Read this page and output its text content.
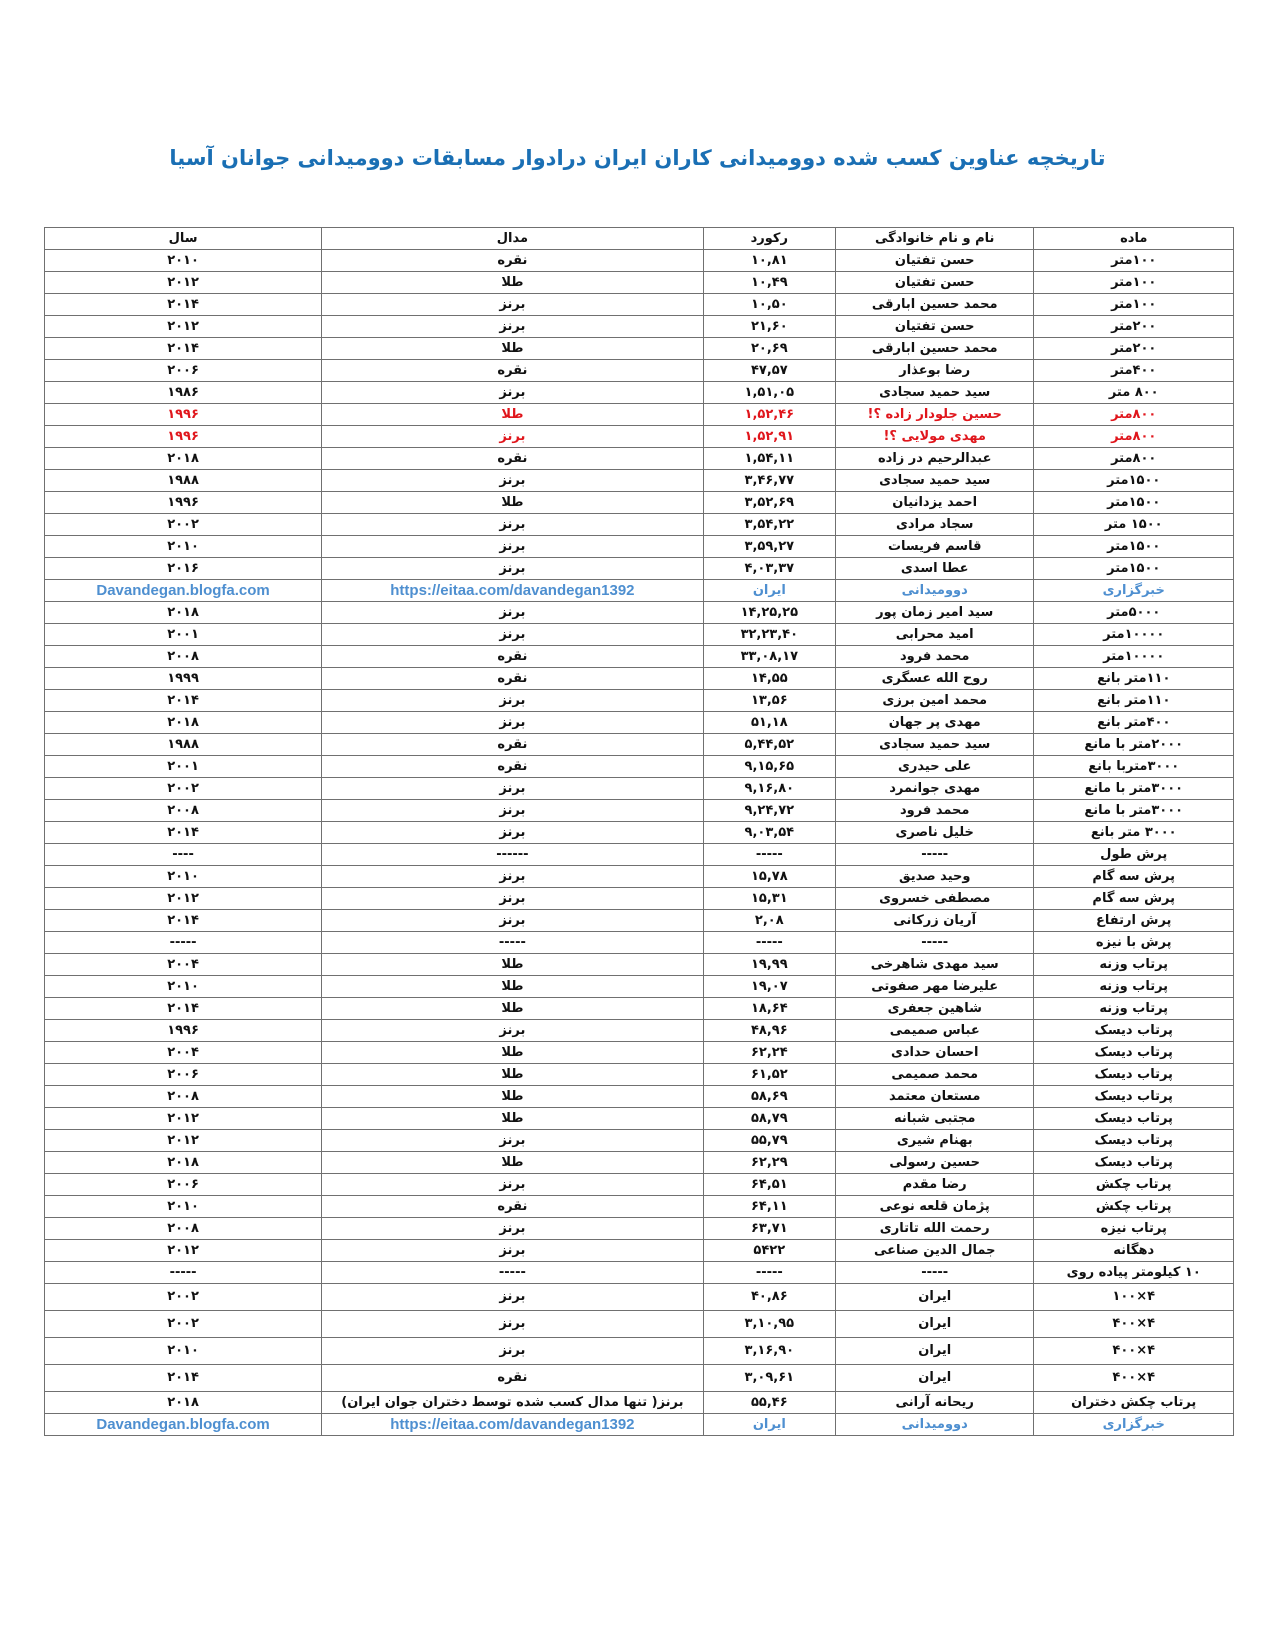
تاریخچه عناوین کسب شده دوومیدانی کاران ایران درادوار مسابقات دوومیدانی جوانان آسیا
ماده	نام و نام خانوادگی	رکورد	مدال	سال
۱۰۰متر	حسن تفتیان	۱۰,۸۱	نقره	۲۰۱۰
۱۰۰متر	حسن تفتیان	۱۰,۴۹	طلا	۲۰۱۲
۱۰۰متر	محمد حسین ابارقی	۱۰,۵۰	برنز	۲۰۱۴
۲۰۰متر	حسن تفتیان	۲۱,۶۰	برنز	۲۰۱۲
۲۰۰متر	محمد حسین ابارقی	۲۰,۶۹	طلا	۲۰۱۴
۴۰۰متر	رضا بوعذار	۴۷,۵۷	نقره	۲۰۰۶
۸۰۰ متر	سید حمید سجادی	۱,۵۱,۰۵	برنز	۱۹۸۶
۸۰۰متر	حسین جلودار زاده ؟!	۱,۵۲,۴۶	طلا	۱۹۹۶
۸۰۰متر	مهدی مولایی ؟!	۱,۵۲,۹۱	برنز	۱۹۹۶
۸۰۰متر	عبدالرحیم در زاده	۱,۵۴,۱۱	نقره	۲۰۱۸
۱۵۰۰متر	سید حمید سجادی	۳,۴۶,۷۷	برنز	۱۹۸۸
۱۵۰۰متر	احمد یزدانیان	۳,۵۲,۶۹	طلا	۱۹۹۶
۱۵۰۰ متر	سجاد مرادی	۳,۵۴,۲۲	برنز	۲۰۰۲
۱۵۰۰متر	قاسم فریسات	۳,۵۹,۲۷	برنز	۲۰۱۰
۱۵۰۰متر	عطا اسدی	۴,۰۳,۳۷	برنز	۲۰۱۶
خبرگزاری	دوومیدانی	ایران	https://eitaa.com/davandegan1392	Davandegan.blogfa.com
۵۰۰۰متر	سید امیر زمان پور	۱۴,۲۵,۲۵	برنز	۲۰۱۸
۱۰۰۰۰متر	امید محرابی	۳۲,۲۳,۴۰	برنز	۲۰۰۱
۱۰۰۰۰متر	محمد فرود	۳۳,۰۸,۱۷	نقره	۲۰۰۸
۱۱۰متر بانع	روح الله عسگری	۱۴,۵۵	نقره	۱۹۹۹
۱۱۰متر بانع	محمد امین برزی	۱۳,۵۶	برنز	۲۰۱۴
۴۰۰متر بانع	مهدی پر جهان	۵۱,۱۸	برنز	۲۰۱۸
۲۰۰۰متر با مانع	سید حمید سجادی	۵,۴۴,۵۲	نقره	۱۹۸۸
۳۰۰۰متربا بانع	علی حیدری	۹,۱۵,۶۵	نقره	۲۰۰۱
۳۰۰۰متر با مانع	مهدی جوانمرد	۹,۱۶,۸۰	برنز	۲۰۰۲
۳۰۰۰متر با مانع	محمد فرود	۹,۲۴,۷۲	برنز	۲۰۰۸
۳۰۰۰ متر بانع	خلیل ناصری	۹,۰۳,۵۴	برنز	۲۰۱۴
پرش طول	-----	-----	------	----
پرش سه گام	وحید صدیق	۱۵,۷۸	برنز	۲۰۱۰
پرش سه گام	مصطفی خسروی	۱۵,۳۱	برنز	۲۰۱۲
پرش ارتفاع	آریان زرکانی	۲,۰۸	برنز	۲۰۱۴
پرش با نیزه	-----	-----	-----	-----
پرتاب وزنه	سید مهدی شاهرخی	۱۹,۹۹	طلا	۲۰۰۴
پرتاب وزنه	علیرضا مهر صفوتی	۱۹,۰۷	طلا	۲۰۱۰
پرتاب وزنه	شاهین جعفری	۱۸,۶۴	طلا	۲۰۱۴
پرتاب دیسک	عباس صمیمی	۴۸,۹۶	برنز	۱۹۹۶
پرتاب دیسک	احسان حدادی	۶۲,۲۴	طلا	۲۰۰۴
پرتاب دیسک	محمد صمیمی	۶۱,۵۲	طلا	۲۰۰۶
پرتاب دیسک	مستعان معتمد	۵۸,۶۹	طلا	۲۰۰۸
پرتاب دیسک	مجتبی شبانه	۵۸,۷۹	طلا	۲۰۱۲
پرتاب دیسک	بهنام شیری	۵۵,۷۹	برنز	۲۰۱۲
پرتاب دیسک	حسین رسولی	۶۲,۲۹	طلا	۲۰۱۸
پرتاب چکش	رضا مقدم	۶۴,۵۱	برنز	۲۰۰۶
پرتاب چکش	پژمان قلعه نوعی	۶۴,۱۱	نقره	۲۰۱۰
پرتاب نیزه	رحمت الله تاتاری	۶۳,۷۱	برنز	۲۰۰۸
دهگانه	جمال الدین صناعی	۵۴۲۲	برنز	۲۰۱۲
۱۰ کیلومتر پیاده روی	-----	-----	-----	-----
۴×۱۰۰	ایران	۴۰,۸۶	برنز	۲۰۰۲
۴×۴۰۰	ایران	۳,۱۰,۹۵	برنز	۲۰۰۲
۴×۴۰۰	ایران	۳,۱۶,۹۰	برنز	۲۰۱۰
۴×۴۰۰	ایران	۳,۰۹,۶۱	نقره	۲۰۱۴
پرتاب چکش دختران	ریحانه آرانی	۵۵,۴۶	برنز( تنها مدال کسب شده توسط دختران جوان ایران)	۲۰۱۸
خبرگزاری	دوومیدانی	ایران	https://eitaa.com/davandegan1392	Davandegan.blogfa.com
